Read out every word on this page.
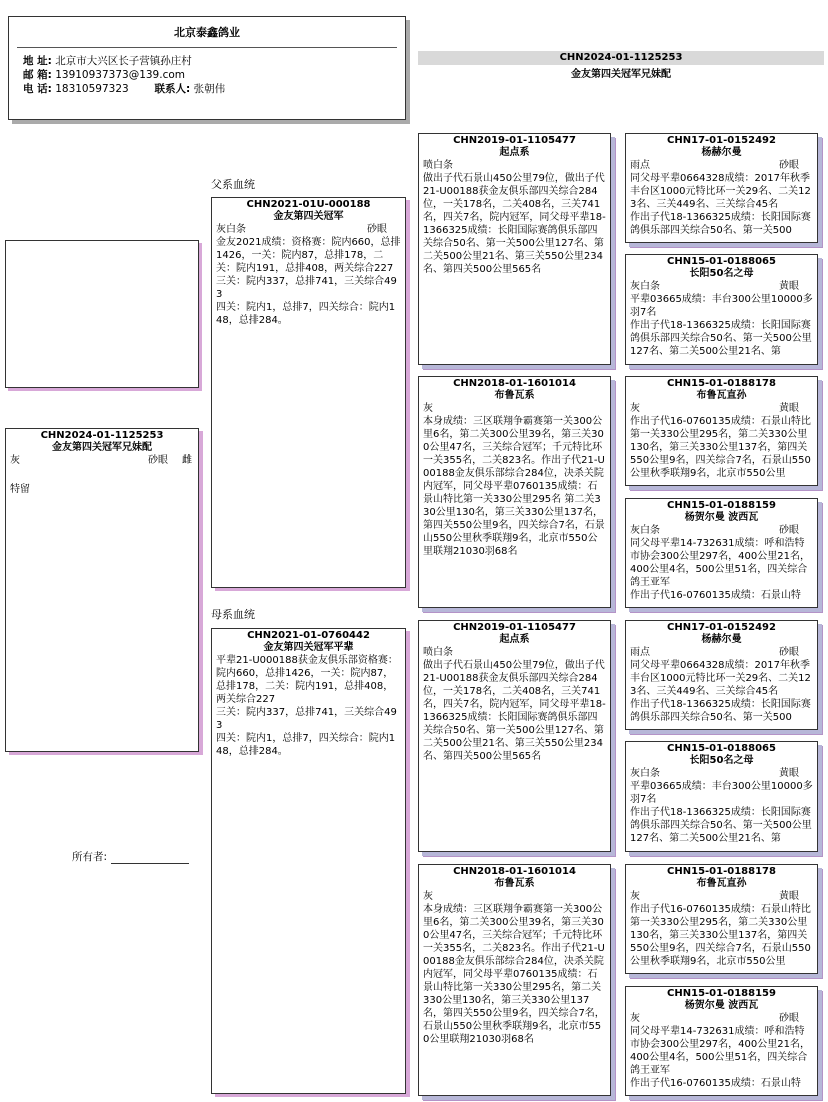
北京泰鑫鸽业
地 址: 北京市大兴区长子营镇孙庄村
邮 箱: 13910937373@139.com
电 话: 18310597323 联系人: 张朝伟
CHN2024-01-1125253
金友第四关冠军兄妹配
CHN2024-01-1125253
金友第四关冠军兄妹配
灰	砂眼 雌
特留
所有者:
父系血统
母系血统
CHN2021-01U-000188
金友第四关冠军
灰白条	砂眼
金友2021成绩：资格赛：院内660，总排1426，一关：院内87，总排178，二关：院内191，总排408，两关综合227
三关：院内337，总排741，三关综合493
四关：院内1，总排7，四关综合：院内148，总排284。
CHN2021-01-0760442
金友第四关冠军平辈
平辈21-U000188获金友俱乐部资格赛：院内660，总排1426，一关：院内87，总排178，二关：院内191，总排408，两关综合227
三关：院内337，总排741，三关综合493
四关：院内1，总排7，四关综合：院内148，总排284。
CHN2019-01-1105477
起点系
喷白条
做出子代石景山450公里79位，做出子代21-U00188获金友俱乐部四关综合284位，一关178名，二关408名，三关741名，四关7名，院内冠军，同父母平辈18-1366325成绩：长阳国际赛鸽俱乐部四关综合50名、第一关500公里127名、第二关500公里21名、第三关550公里234名、第四关500公里565名
CHN2018-01-1601014
布鲁瓦系
灰
本身成绩：三区联翔争霸赛第一关300公里6名，第二关300公里39名，第三关300公里47名，三关综合冠军；千元特比环一关355名，二关823名。作出子代21-U00188金友俱乐部综合284位，决杀关院内冠军，同父母平辈0760135成绩：石景山特比第一关330公里295名 第二关330公里130名，第三关330公里137名，第四关550公里9名，四关综合7名，石景山550公里秋季联翔9名，北京市550公里联翔21030羽68名
CHN2019-01-1105477
起点系
喷白条
做出子代石景山450公里79位，做出子代21-U00188获金友俱乐部四关综合284位，一关178名，二关408名，三关741名，四关7名，院内冠军，同父母平辈18-1366325成绩：长阳国际赛鸽俱乐部四关综合50名、第一关500公里127名、第二关500公里21名、第三关550公里234名、第四关500公里565名
CHN2018-01-1601014
布鲁瓦系
灰
本身成绩：三区联翔争霸赛第一关300公里6名，第二关300公里39名，第三关300公里47名，三关综合冠军；千元特比环一关355名，二关823名。作出子代21-U00188金友俱乐部综合284位，决杀关院内冠军，同父母平辈0760135成绩：石景山特比第一关330公里295名，第二关330公里130名，第三关330公里137名，第四关550公里9名，四关综合7名，石景山550公里秋季联翔9名，北京市550公里联翔21030羽68名
CHN17-01-0152492
杨赫尔曼
雨点	砂眼
同父母平辈0664328成绩：2017年秋季丰台区1000元特比环一关29名、二关123名、三关449名、三关综合45名
作出子代18-1366325成绩：长阳国际赛鸽俱乐部四关综合50名、第一关500
CHN15-01-0188065
长阳50名之母
灰白条	黄眼
平辈03665成绩：丰台300公里10000多羽7名
作出子代18-1366325成绩：长阳国际赛鸽俱乐部四关综合50名、第一关500公里127名、第二关500公里21名、第
CHN15-01-0188178
布鲁瓦直孙
灰	黄眼
作出子代16-0760135成绩：石景山特比第一关330公里295名，第二关330公里130名，第三关330公里137名，第四关550公里9名，四关综合7名，石景山550公里秋季联翔9名，北京市550公里
CHN15-01-0188159
杨贺尔曼 波西瓦
灰白条	砂眼
同父母平辈14-732631成绩：呼和浩特市协会300公里297名，400公里21名，400公里4名，500公里51名，四关综合鸽王亚军
作出子代16-0760135成绩：石景山特
CHN17-01-0152492
杨赫尔曼
雨点	砂眼
同父母平辈0664328成绩：2017年秋季丰台区1000元特比环一关29名、二关123名、三关449名、三关综合45名
作出子代18-1366325成绩：长阳国际赛鸽俱乐部四关综合50名、第一关500
CHN15-01-0188065
长阳50名之母
灰白条	黄眼
平辈03665成绩：丰台300公里10000多羽7名
作出子代18-1366325成绩：长阳国际赛鸽俱乐部四关综合50名、第一关500公里127名、第二关500公里21名、第
CHN15-01-0188178
布鲁瓦直孙
灰	黄眼
作出子代16-0760135成绩：石景山特比第一关330公里295名，第二关330公里130名，第三关330公里137名，第四关550公里9名，四关综合7名，石景山550公里秋季联翔9名，北京市550公里
CHN15-01-0188159
杨贺尔曼 波西瓦
灰	砂眼
同父母平辈14-732631成绩：呼和浩特市协会300公里297名，400公里21名，400公里4名，500公里51名，四关综合鸽王亚军
作出子代16-0760135成绩：石景山特
